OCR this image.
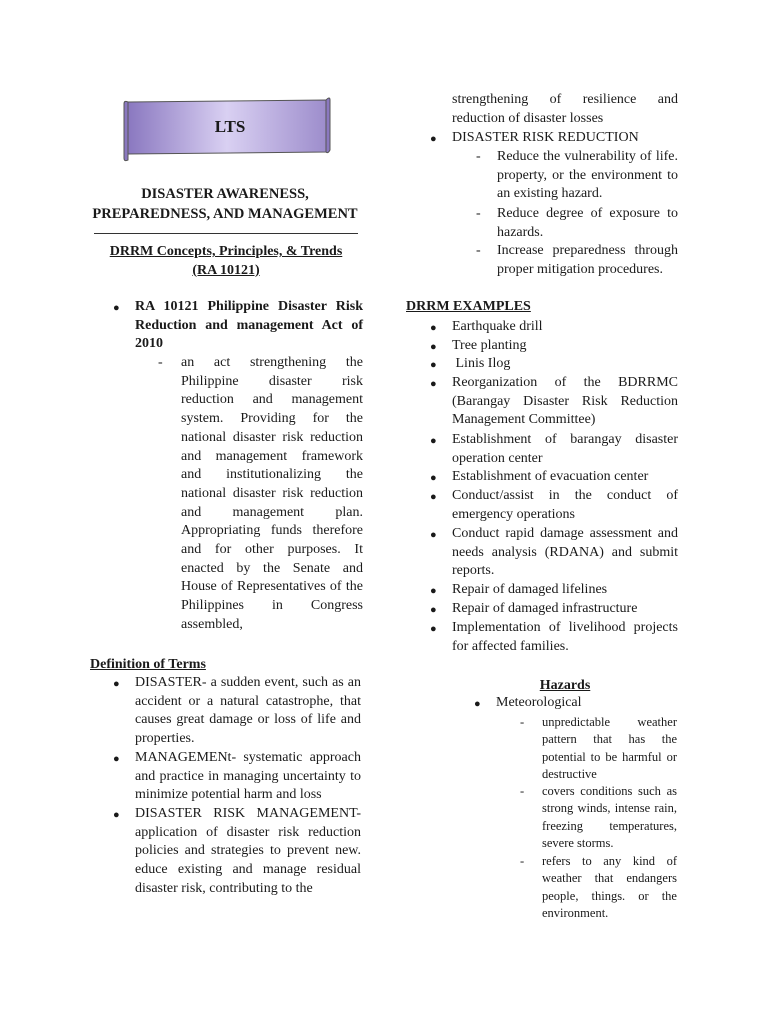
LTS
DISASTER AWARENESS,
PREPAREDNESS, AND MANAGEMENT
DRRM Concepts, Principles, & Trends
(RA 10121)
● RA 10121 Philippine Disaster Risk Reduction and management Act of 2010
- an act strengthening the Philippine disaster risk reduction and management system. Providing for the national disaster risk reduction and management framework and institutionalizing the national disaster risk reduction and management plan. Appropriating funds therefore and for other purposes. It enacted by the Senate and House of Representatives of the Philippines in Congress assembled,
Definition of Terms
● DISASTER- a sudden event, such as an accident or a natural catastrophe, that causes great damage or loss of life and properties.
● MANAGEMENt- systematic approach and practice in managing uncertainty to minimize potential harm and loss
● DISASTER RISK MANAGEMENT- application of disaster risk reduction policies and strategies to prevent new. educe existing and manage residual disaster risk, contributing to the
strengthening of resilience and reduction of disaster losses
● DISASTER RISK REDUCTION
- Reduce the vulnerability of life. property, or the environment to an existing hazard.
- Reduce degree of exposure to hazards.
- Increase preparedness through proper mitigation procedures.
DRRM EXAMPLES
● Earthquake drill
● Tree planting
● Linis Ilog
● Reorganization of the BDRRMC (Barangay Disaster Risk Reduction Management Committee)
● Establishment of barangay disaster operation center
● Establishment of evacuation center
● Conduct/assist in the conduct of emergency operations
● Conduct rapid damage assessment and needs analysis (RDANA) and submit reports.
● Repair of damaged lifelines
● Repair of damaged infrastructure
● Implementation of livelihood projects for affected families.
Hazards
● Meteorological
- unpredictable weather pattern that has the potential to be harmful or destructive
- covers conditions such as strong winds, intense rain, freezing temperatures, severe storms.
- refers to any kind of weather that endangers people, things. or the environment.
